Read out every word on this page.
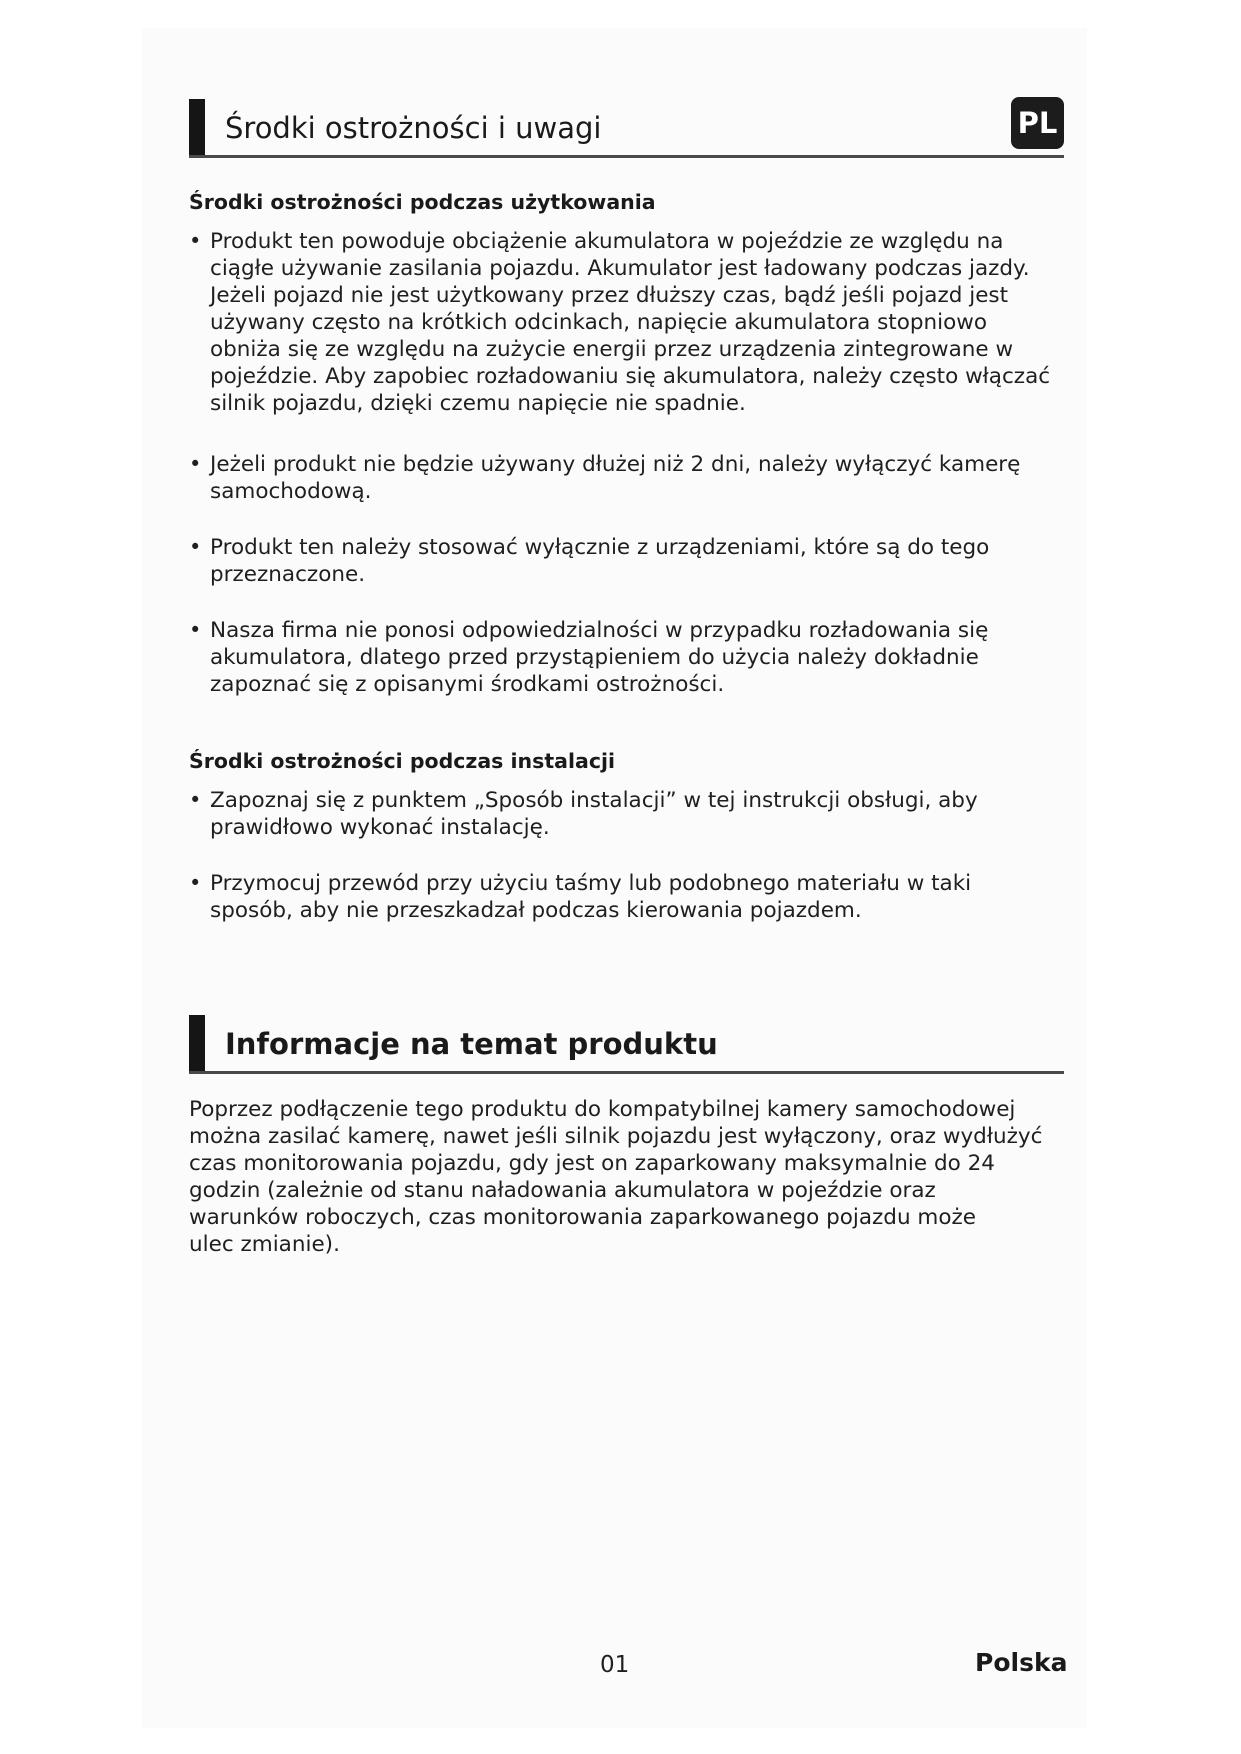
PL
Środki ostrożności i uwagi
Środki ostrożności podczas użytkowania
• Produkt ten powoduje obciążenie akumulatora w pojeździe ze względu na
ciągłe używanie zasilania pojazdu. Akumulator jest ładowany podczas jazdy.
Jeżeli pojazd nie jest użytkowany przez dłuższy czas, bądź jeśli pojazd jest
używany często na krótkich odcinkach, napięcie akumulatora stopniowo
obniża się ze względu na zużycie energii przez urządzenia zintegrowane w
pojeździe. Aby zapobiec rozładowaniu się akumulatora, należy często włączać
silnik pojazdu, dzięki czemu napięcie nie spadnie.
• Jeżeli produkt nie będzie używany dłużej niż 2 dni, należy wyłączyć kamerę
samochodową.
• Produkt ten należy stosować wyłącznie z urządzeniami, które są do tego
przeznaczone.
• Nasza firma nie ponosi odpowiedzialności w przypadku rozładowania się
akumulatora, dlatego przed przystąpieniem do użycia należy dokładnie
zapoznać się z opisanymi środkami ostrożności.
Środki ostrożności podczas instalacji
• Zapoznaj się z punktem „Sposób instalacji” w tej instrukcji obsługi, aby
prawidłowo wykonać instalację.
• Przymocuj przewód przy użyciu taśmy lub podobnego materiału w taki
sposób, aby nie przeszkadzał podczas kierowania pojazdem.
Informacje na temat produktu
Poprzez podłączenie tego produktu do kompatybilnej kamery samochodowej
można zasilać kamerę, nawet jeśli silnik pojazdu jest wyłączony, oraz wydłużyć
czas monitorowania pojazdu, gdy jest on zaparkowany maksymalnie do 24
godzin (zależnie od stanu naładowania akumulatora w pojeździe oraz
warunków roboczych, czas monitorowania zaparkowanego pojazdu może
ulec zmianie).
01	Polska
